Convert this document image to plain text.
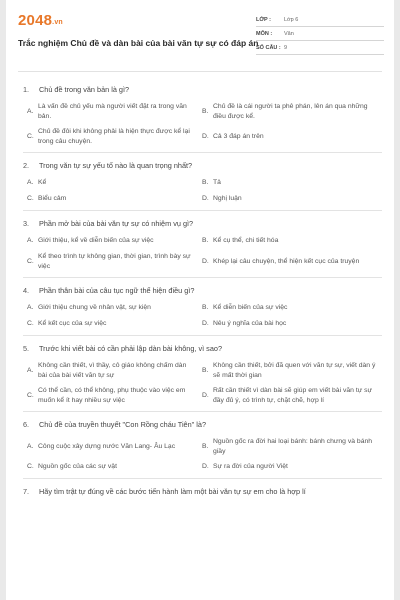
2048.vn
Trắc nghiệm Chủ đề và dàn bài của bài văn tự sự có đáp án
LỚP :	Lớp 6
MÔN :	Văn
SỐ CÂU : 9
1.	Chủ đề trong văn bản là gì?
A.
Là vấn đề chủ yếu mà người viết đặt ra trong văn bản.
B.
Chủ đề là cái người ta phê phán, lên án qua những điều được kể.
C.
Chủ đề đôi khi không phải là hiện thực được kể lại trong câu chuyện.
D. Cả 3 đáp án trên
2.	Trong văn tự sự yếu tố nào là quan trọng nhất?
A. Kể	B. Tả
C. Biểu cảm	D. Nghị luận
3.	Phần mở bài của bài văn tự sự có nhiệm vụ gì?
A. Giới thiệu, kể về diễn biến của sự việc	B. Kể cụ thể, chi tiết hóa
C.
Kể theo trình tự không gian, thời gian, trình bày sự việc
D. Khép lại câu chuyện, thể hiện kết cục của truyện
4.	Phần thân bài của câu tục ngữ thể hiện điều gì?
A. Giới thiệu chung về nhân vật, sự kiện	B. Kể diễn biến của sự việc
C. Kể kết cục của sự việc	D. Nêu ý nghĩa của bài học
5.	Trước khi viết bài có cần phải lập dàn bài không, vì sao?
A.
Không cần thiết, vì thầy, cô giáo không chấm dàn bài của bài viết văn tự sự
B.
Không cần thiết, bởi đã quen với văn tự sự, viết dàn ý sẽ mất thời gian
C.
Có thể cần, có thể không, phụ thuộc vào việc em muốn kể ít hay nhiều sự việc
D.
Rất cần thiết vì dàn bài sẽ giúp em viết bài văn tự sự đầy đủ ý, có trình tự, chặt chẽ, hợp lí
6.	Chủ đề của truyền thuyết "Con Rồng cháu Tiên" là?
A. Công cuộc xây dựng nước Văn Lang- Âu Lạc	B.
Nguồn gốc ra đời hai loại bánh: bánh chưng và bánh giầy
C. Nguồn gốc của các sự vật	D. Sự ra đời của người Việt
7.	Hãy tìm trật tự đúng về các bước tiến hành làm một bài văn tự sự em cho là hợp lí
